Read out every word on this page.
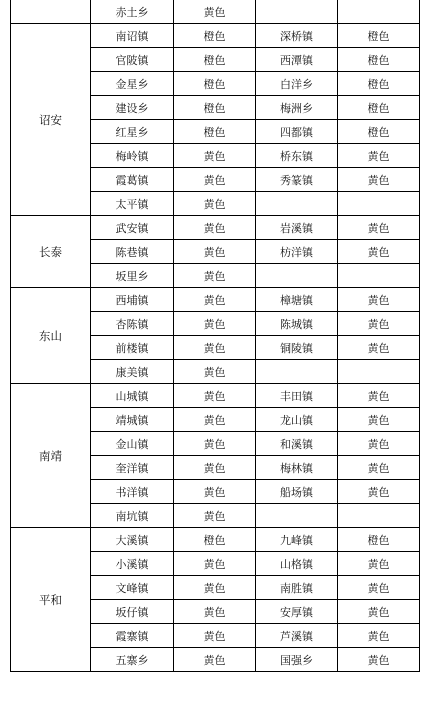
	赤土乡	黄色		
诏安	南诏镇	橙色	深桥镇	橙色
	官陂镇	橙色	西潭镇	橙色
	金星乡	橙色	白洋乡	橙色
	建设乡	橙色	梅洲乡	橙色
	红星乡	橙色	四都镇	橙色
	梅岭镇	黄色	桥东镇	黄色
	霞葛镇	黄色	秀篆镇	黄色
	太平镇	黄色		
长泰	武安镇	黄色	岩溪镇	黄色
	陈巷镇	黄色	枋洋镇	黄色
	坂里乡	黄色		
东山	西埔镇	黄色	樟塘镇	黄色
	杏陈镇	黄色	陈城镇	黄色
	前楼镇	黄色	铜陵镇	黄色
	康美镇	黄色		
南靖	山城镇	黄色	丰田镇	黄色
	靖城镇	黄色	龙山镇	黄色
	金山镇	黄色	和溪镇	黄色
	奎洋镇	黄色	梅林镇	黄色
	书洋镇	黄色	船场镇	黄色
	南坑镇	黄色		
平和	大溪镇	橙色	九峰镇	橙色
	小溪镇	黄色	山格镇	黄色
	文峰镇	黄色	南胜镇	黄色
	坂仔镇	黄色	安厚镇	黄色
	霞寨镇	黄色	芦溪镇	黄色
	五寨乡	黄色	国强乡	黄色
